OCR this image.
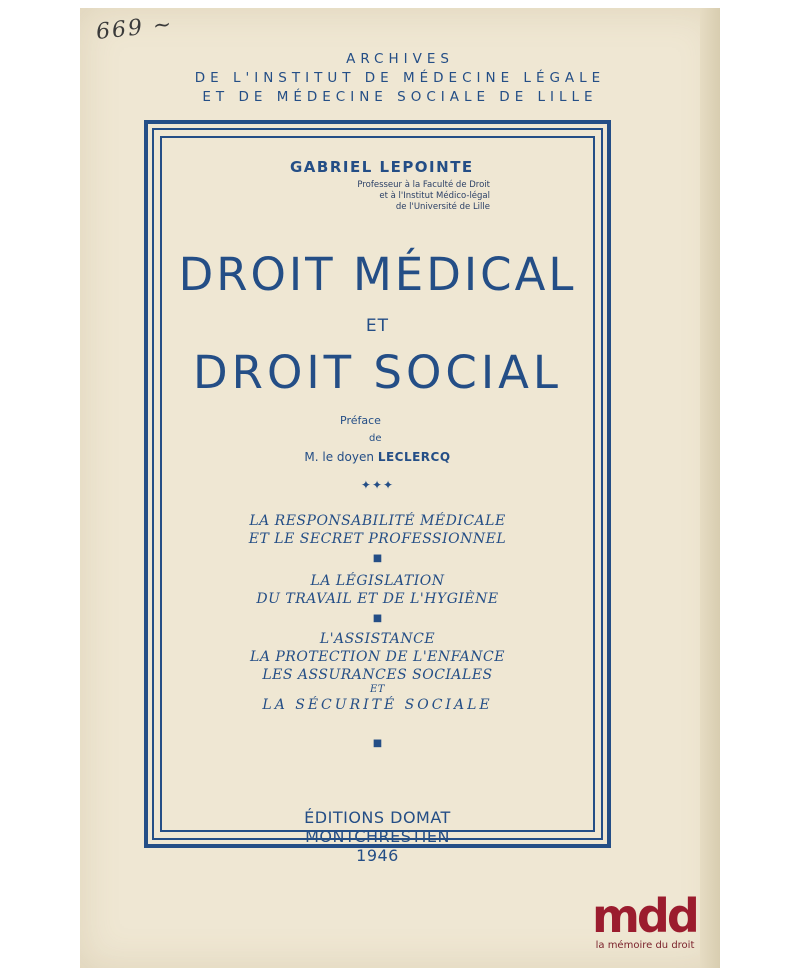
669 ~
ARCHIVES
DE L'INSTITUT DE MÉDECINE LÉGALE
ET DE MÉDECINE SOCIALE DE LILLE
GABRIEL LEPOINTE
Professeur à la Faculté de Droit
et à l'Institut Médico-légal
de l'Université de Lille
DROIT MÉDICAL
ET
DROIT SOCIAL
Préface
de
M. le doyen LECLERCQ
✦✦✦
LA RESPONSABILITÉ MÉDICALE
ET LE SECRET PROFESSIONNEL
■
LA LÉGISLATION
DU TRAVAIL ET DE L'HYGIÈNE
■
L'ASSISTANCE
LA PROTECTION DE L'ENFANCE
LES ASSURANCES SOCIALES
ET
LA SÉCURITÉ SOCIALE
■
ÉDITIONS DOMAT
MONTCHRESTIEN
1946
mdd
la mémoire du droit
